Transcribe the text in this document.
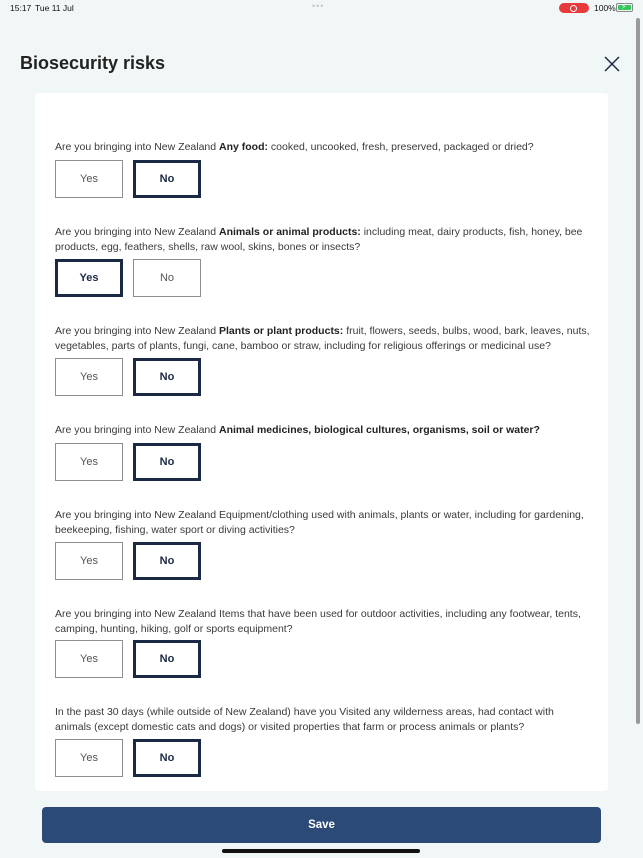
15:17 Tue 11 Jul	•••	100% ⚡
Biosecurity risks
Are you bringing into New Zealand Any food: cooked, uncooked, fresh, preserved, packaged or dried?
Yes	No
Are you bringing into New Zealand Animals or animal products: including meat, dairy products, fish, honey, bee products, egg, feathers, shells, raw wool, skins, bones or insects?
Yes	No
Are you bringing into New Zealand Plants or plant products: fruit, flowers, seeds, bulbs, wood, bark, leaves, nuts, vegetables, parts of plants, fungi, cane, bamboo or straw, including for religious offerings or medicinal use?
Yes	No
Are you bringing into New Zealand Animal medicines, biological cultures, organisms, soil or water?
Yes	No
Are you bringing into New Zealand Equipment/clothing used with animals, plants or water, including for gardening, beekeeping, fishing, water sport or diving activities?
Yes	No
Are you bringing into New Zealand Items that have been used for outdoor activities, including any footwear, tents, camping, hunting, hiking, golf or sports equipment?
Yes	No
In the past 30 days (while outside of New Zealand) have you Visited any wilderness areas, had contact with animals (except domestic cats and dogs) or visited properties that farm or process animals or plants?
Yes	No
Save
